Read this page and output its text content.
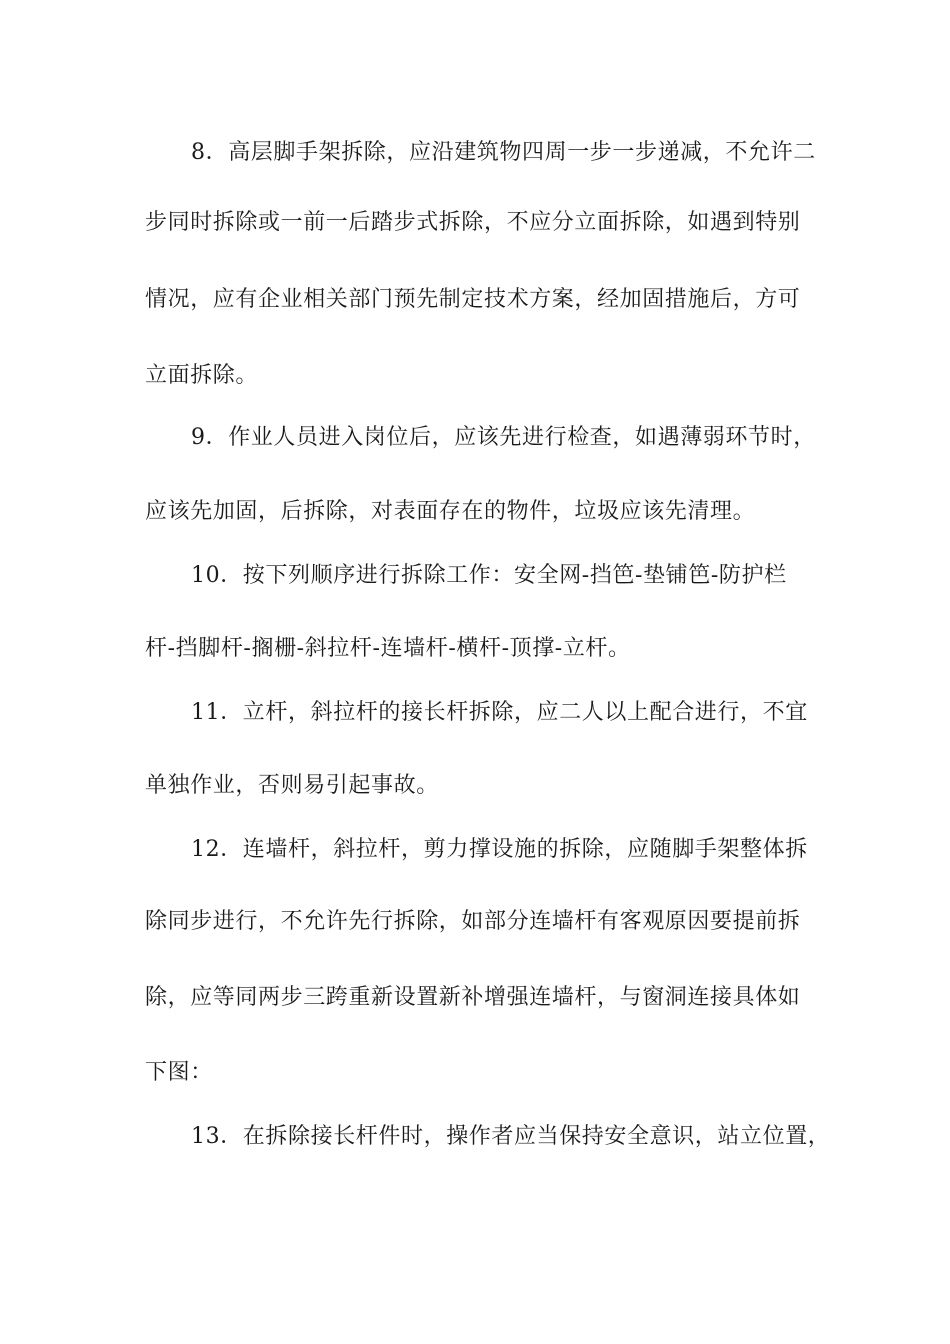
8．高层脚手架拆除，应沿建筑物四周一步一步递减，不允许二

步同时拆除或一前一后踏步式拆除，不应分立面拆除，如遇到特别

情况，应有企业相关部门预先制定技术方案，经加固措施后，方可

立面拆除。

9．作业人员进入岗位后，应该先进行检查，如遇薄弱环节时，

应该先加固，后拆除，对表面存在的物件，垃圾应该先清理。

10．按下列顺序进行拆除工作：安全网-挡笆-垫铺笆-防护栏

杆-挡脚杆-搁栅-斜拉杆-连墙杆-横杆-顶撑-立杆。

11．立杆，斜拉杆的接长杆拆除，应二人以上配合进行，不宜

单独作业，否则易引起事故。

12．连墙杆，斜拉杆，剪力撑设施的拆除，应随脚手架整体拆

除同步进行，不允许先行拆除，如部分连墙杆有客观原因要提前拆

除，应等同两步三跨重新设置新补增强连墙杆，与窗洞连接具体如

下图：

13．在拆除接长杆件时，操作者应当保持安全意识，站立位置，
